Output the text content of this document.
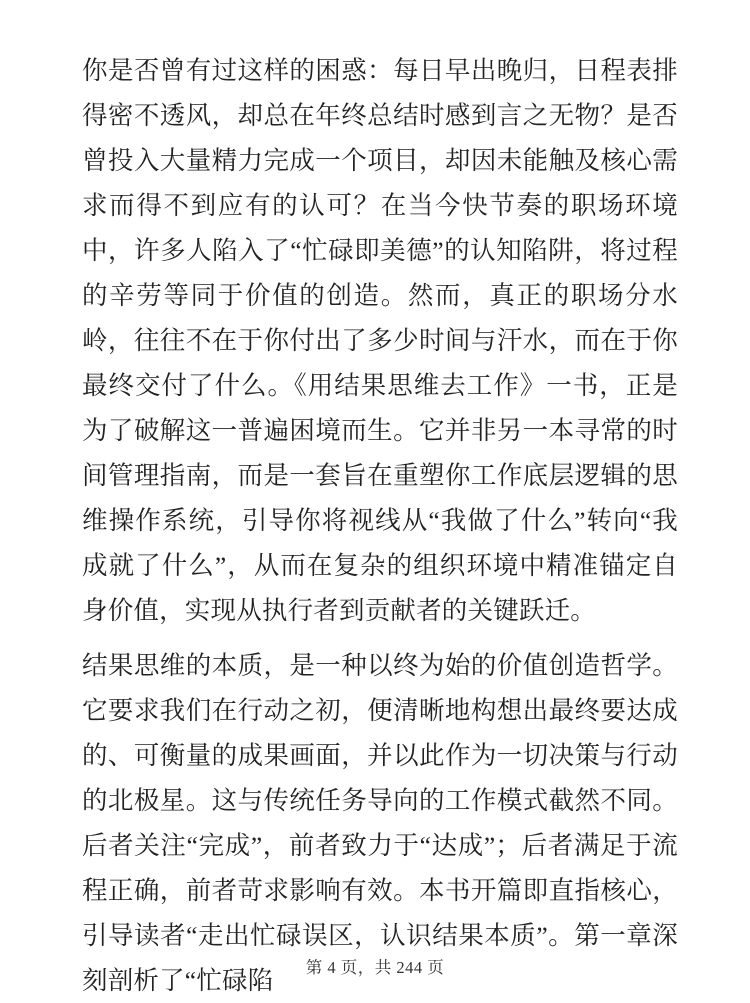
你是否曾有过这样的困惑：每日早出晚归，日程表排得密不透风，却总在年终总结时感到言之无物？是否曾投入大量精力完成一个项目，却因未能触及核心需求而得不到应有的认可？在当今快节奏的职场环境中，许多人陷入了“忙碌即美德”的认知陷阱，将过程的辛劳等同于价值的创造。然而，真正的职场分水岭，往往不在于你付出了多少时间与汗水，而在于你最终交付了什么。《用结果思维去工作》一书，正是为了破解这一普遍困境而生。它并非另一本寻常的时间管理指南，而是一套旨在重塑你工作底层逻辑的思维操作系统，引导你将视线从“我做了什么”转向“我成就了什么”，从而在复杂的组织环境中精准锚定自身价值，实现从执行者到贡献者的关键跃迁。

结果思维的本质，是一种以终为始的价值创造哲学。它要求我们在行动之初，便清晰地构想出最终要达成的、可衡量的成果画面，并以此作为一切决策与行动的北极星。这与传统任务导向的工作模式截然不同。后者关注“完成”，前者致力于“达成”；后者满足于流程正确，前者苛求影响有效。本书开篇即直指核心，引导读者“走出忙碌误区，认识结果本质”。第一章深刻剖析了“忙碌陷	第 4 页，共 244 页
